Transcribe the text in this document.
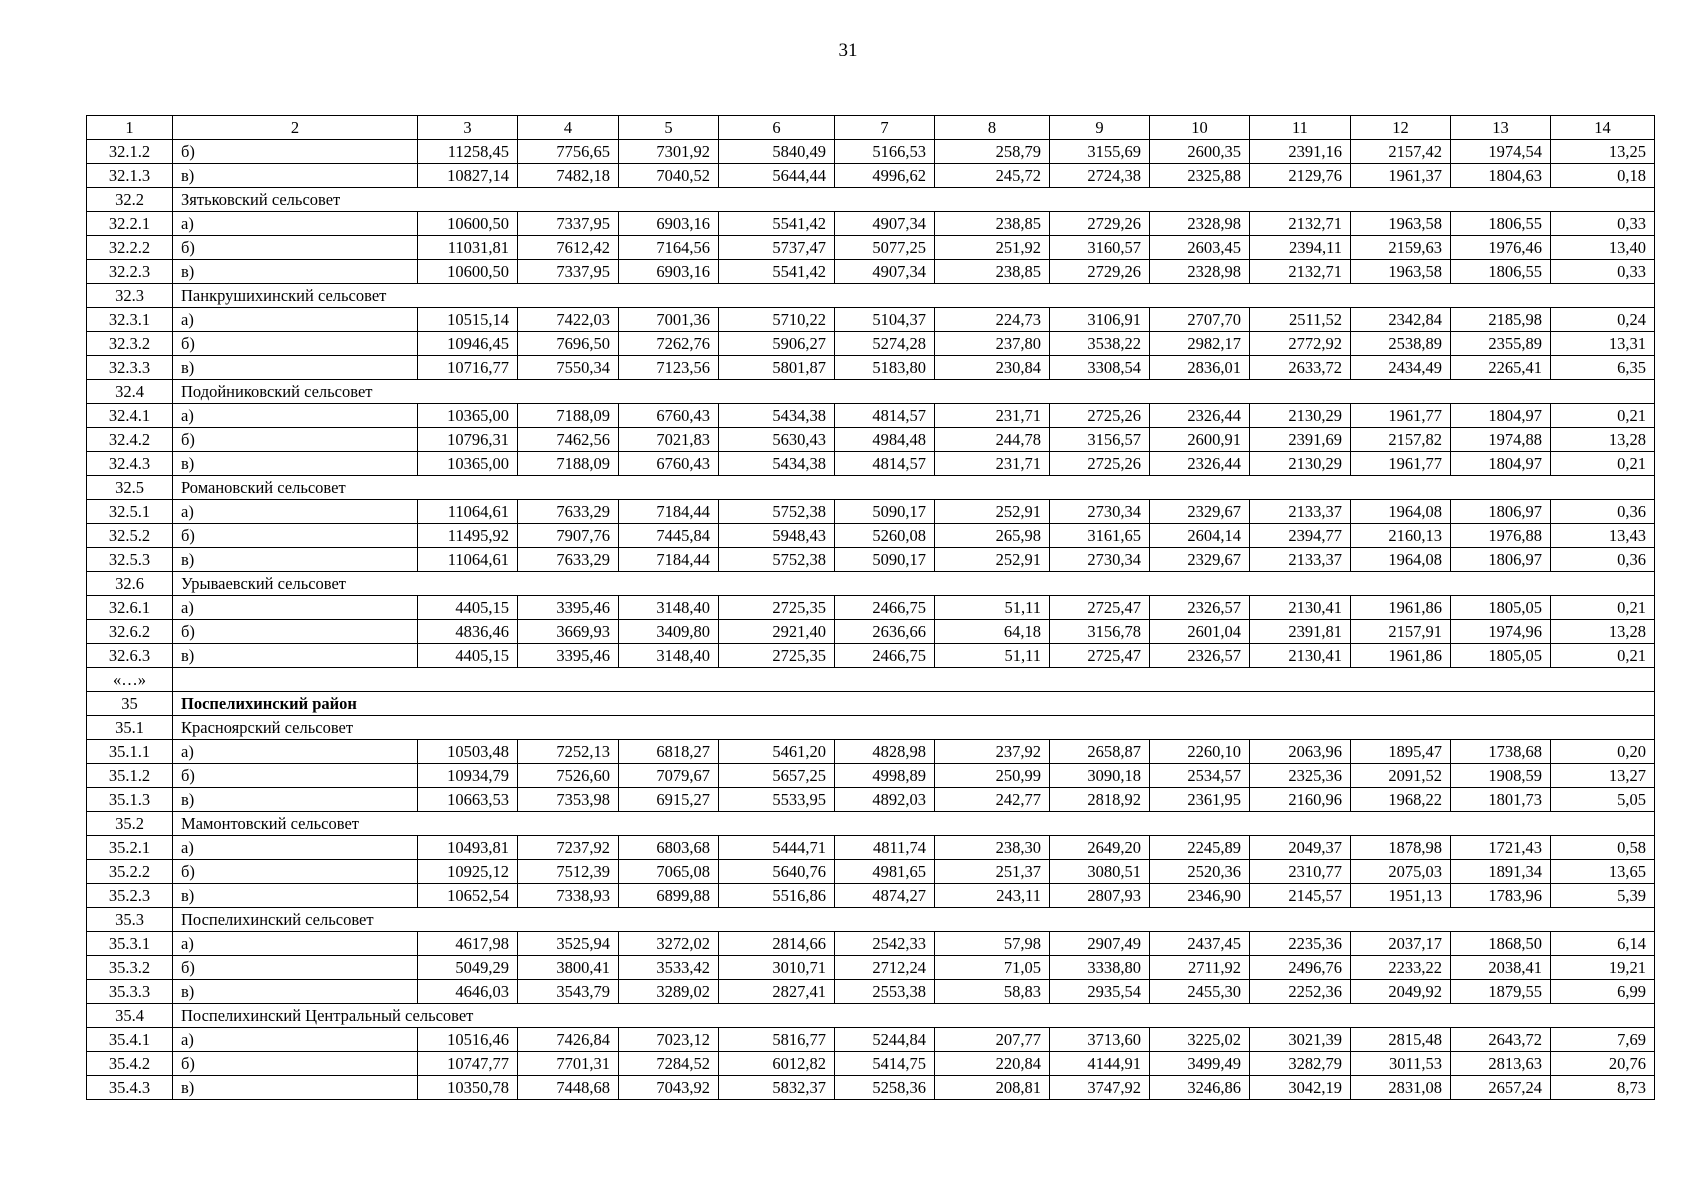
31
1	2	3	4	5	6	7	8	9	10	11	12	13	14
32.1.2	б)	11258,45	7756,65	7301,92	5840,49	5166,53	258,79	3155,69	2600,35	2391,16	2157,42	1974,54	13,25
32.1.3	в)	10827,14	7482,18	7040,52	5644,44	4996,62	245,72	2724,38	2325,88	2129,76	1961,37	1804,63	0,18
32.2	Зятьковский сельсовет												
32.2.1	а)	10600,50	7337,95	6903,16	5541,42	4907,34	238,85	2729,26	2328,98	2132,71	1963,58	1806,55	0,33
32.2.2	б)	11031,81	7612,42	7164,56	5737,47	5077,25	251,92	3160,57	2603,45	2394,11	2159,63	1976,46	13,40
32.2.3	в)	10600,50	7337,95	6903,16	5541,42	4907,34	238,85	2729,26	2328,98	2132,71	1963,58	1806,55	0,33
32.3	Панкрушихинский сельсовет												
32.3.1	а)	10515,14	7422,03	7001,36	5710,22	5104,37	224,73	3106,91	2707,70	2511,52	2342,84	2185,98	0,24
32.3.2	б)	10946,45	7696,50	7262,76	5906,27	5274,28	237,80	3538,22	2982,17	2772,92	2538,89	2355,89	13,31
32.3.3	в)	10716,77	7550,34	7123,56	5801,87	5183,80	230,84	3308,54	2836,01	2633,72	2434,49	2265,41	6,35
32.4	Подойниковский сельсовет												
32.4.1	а)	10365,00	7188,09	6760,43	5434,38	4814,57	231,71	2725,26	2326,44	2130,29	1961,77	1804,97	0,21
32.4.2	б)	10796,31	7462,56	7021,83	5630,43	4984,48	244,78	3156,57	2600,91	2391,69	2157,82	1974,88	13,28
32.4.3	в)	10365,00	7188,09	6760,43	5434,38	4814,57	231,71	2725,26	2326,44	2130,29	1961,77	1804,97	0,21
32.5	Романовский сельсовет												
32.5.1	а)	11064,61	7633,29	7184,44	5752,38	5090,17	252,91	2730,34	2329,67	2133,37	1964,08	1806,97	0,36
32.5.2	б)	11495,92	7907,76	7445,84	5948,43	5260,08	265,98	3161,65	2604,14	2394,77	2160,13	1976,88	13,43
32.5.3	в)	11064,61	7633,29	7184,44	5752,38	5090,17	252,91	2730,34	2329,67	2133,37	1964,08	1806,97	0,36
32.6	Урываевский сельсовет												
32.6.1	а)	4405,15	3395,46	3148,40	2725,35	2466,75	51,11	2725,47	2326,57	2130,41	1961,86	1805,05	0,21
32.6.2	б)	4836,46	3669,93	3409,80	2921,40	2636,66	64,18	3156,78	2601,04	2391,81	2157,91	1974,96	13,28
32.6.3	в)	4405,15	3395,46	3148,40	2725,35	2466,75	51,11	2725,47	2326,57	2130,41	1961,86	1805,05	0,21
«…»													
35	Поспелихинский район												
35.1	Красноярский сельсовет												
35.1.1	а)	10503,48	7252,13	6818,27	5461,20	4828,98	237,92	2658,87	2260,10	2063,96	1895,47	1738,68	0,20
35.1.2	б)	10934,79	7526,60	7079,67	5657,25	4998,89	250,99	3090,18	2534,57	2325,36	2091,52	1908,59	13,27
35.1.3	в)	10663,53	7353,98	6915,27	5533,95	4892,03	242,77	2818,92	2361,95	2160,96	1968,22	1801,73	5,05
35.2	Мамонтовский сельсовет												
35.2.1	а)	10493,81	7237,92	6803,68	5444,71	4811,74	238,30	2649,20	2245,89	2049,37	1878,98	1721,43	0,58
35.2.2	б)	10925,12	7512,39	7065,08	5640,76	4981,65	251,37	3080,51	2520,36	2310,77	2075,03	1891,34	13,65
35.2.3	в)	10652,54	7338,93	6899,88	5516,86	4874,27	243,11	2807,93	2346,90	2145,57	1951,13	1783,96	5,39
35.3	Поспелихинский сельсовет												
35.3.1	а)	4617,98	3525,94	3272,02	2814,66	2542,33	57,98	2907,49	2437,45	2235,36	2037,17	1868,50	6,14
35.3.2	б)	5049,29	3800,41	3533,42	3010,71	2712,24	71,05	3338,80	2711,92	2496,76	2233,22	2038,41	19,21
35.3.3	в)	4646,03	3543,79	3289,02	2827,41	2553,38	58,83	2935,54	2455,30	2252,36	2049,92	1879,55	6,99
35.4	Поспелихинский Центральный сельсовет												
35.4.1	а)	10516,46	7426,84	7023,12	5816,77	5244,84	207,77	3713,60	3225,02	3021,39	2815,48	2643,72	7,69
35.4.2	б)	10747,77	7701,31	7284,52	6012,82	5414,75	220,84	4144,91	3499,49	3282,79	3011,53	2813,63	20,76
35.4.3	в)	10350,78	7448,68	7043,92	5832,37	5258,36	208,81	3747,92	3246,86	3042,19	2831,08	2657,24	8,73
